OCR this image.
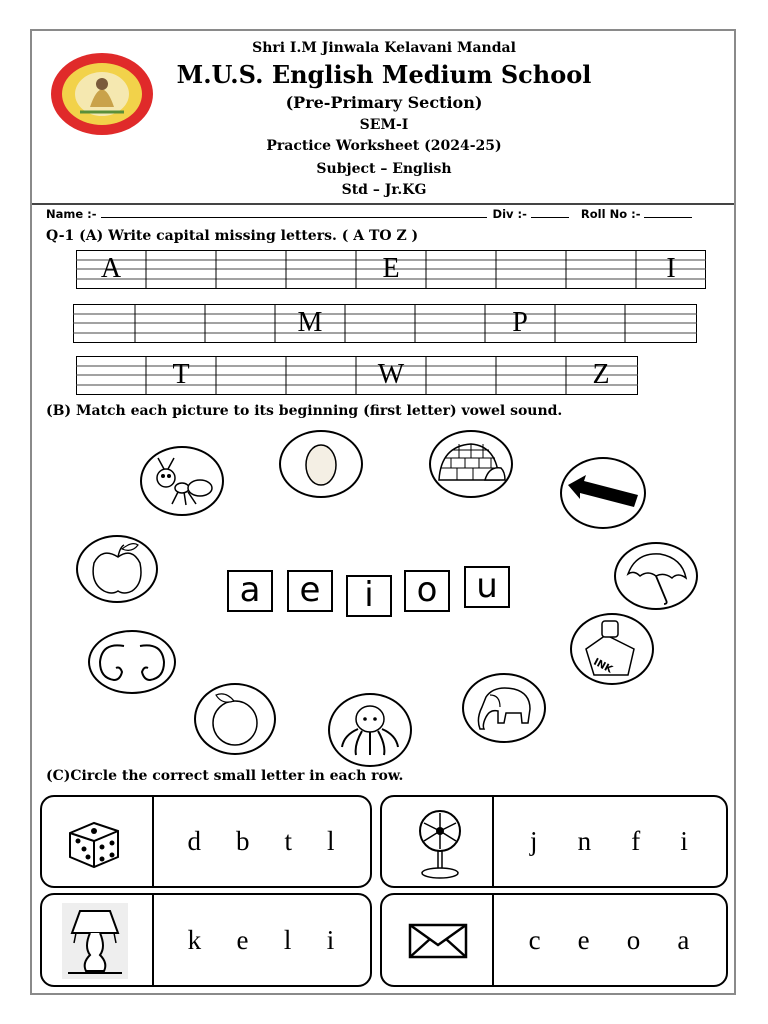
Shri I.M Jinwala Kelavani Mandal
M.U.S. English Medium School
(Pre-Primary Section)
SEM-I
Practice Worksheet (2024-25)
Subject – English
Std – Jr.KG
Name :-	Div :-	Roll No :-
Q-1 (A) Write capital missing letters. ( A TO Z )
A	E	I
M	P
T	W	Z
(B) Match each picture to its beginning (first letter) vowel sound.
INK
a	e	i	o	u
(C)Circle the correct small letter in each row.
d b t l	j n f i
k e l i	c e o a
